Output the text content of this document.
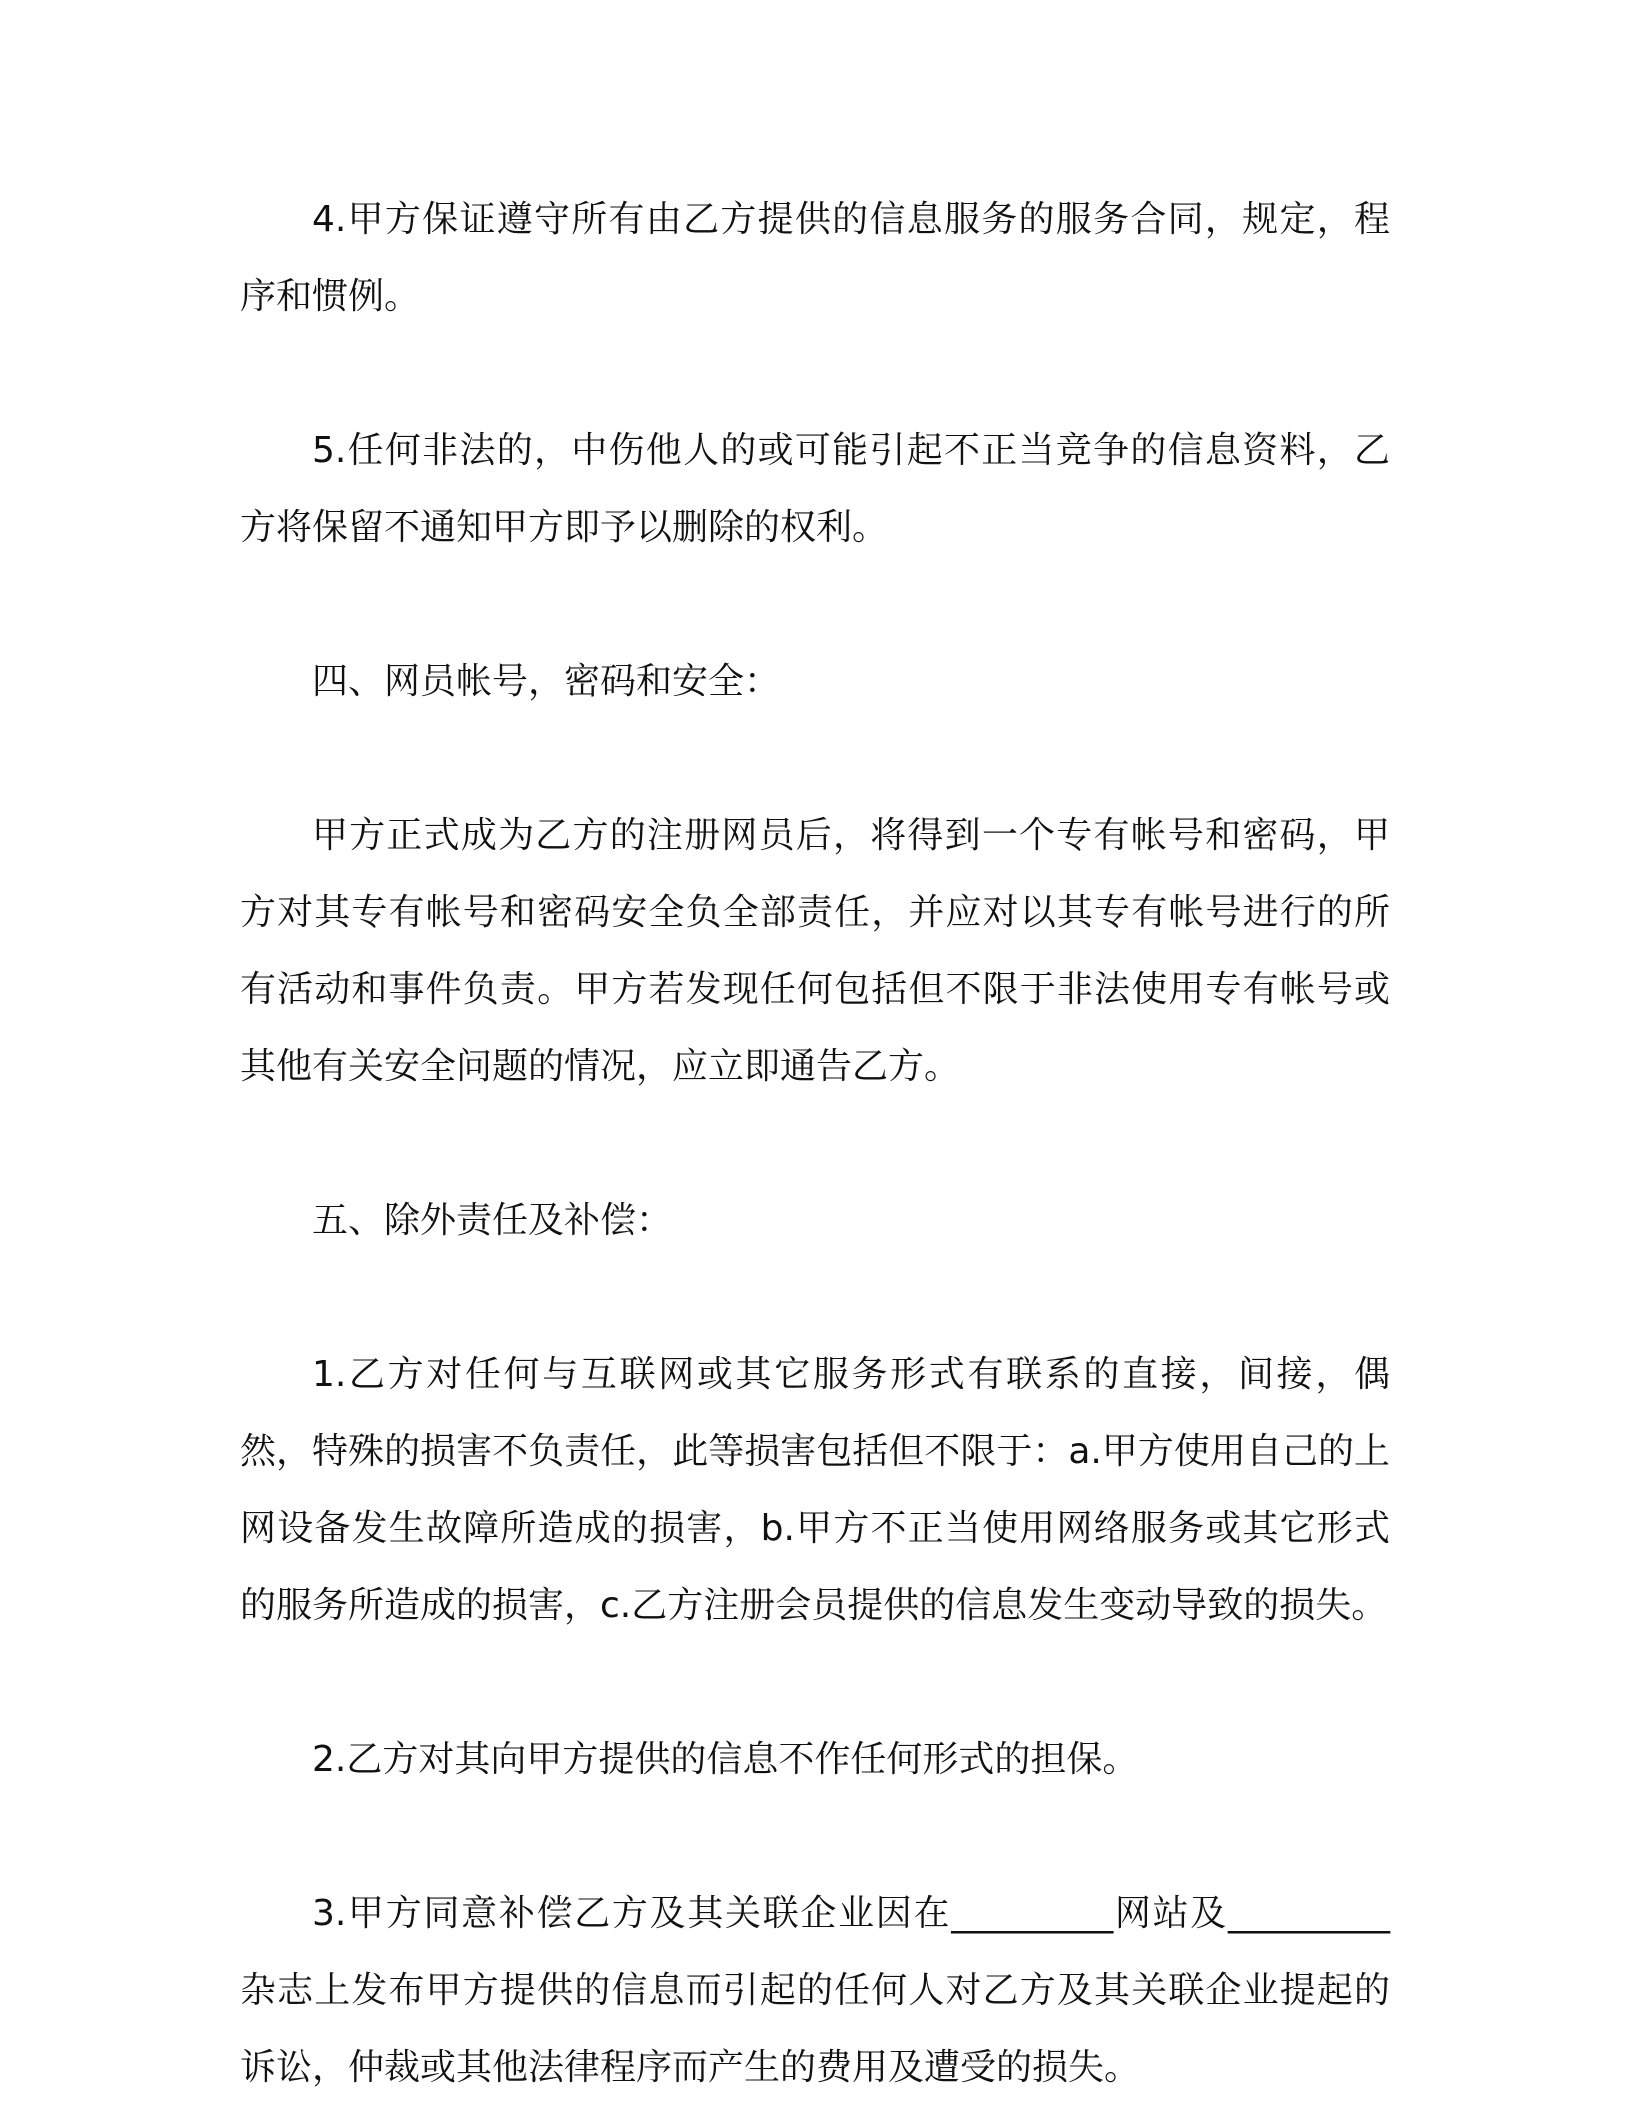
4.甲方保证遵守所有由乙方提供的信息服务的服务合同，规定，程序和惯例。

5.任何非法的，中伤他人的或可能引起不正当竞争的信息资料，乙方将保留不通知甲方即予以删除的权利。

四、网员帐号，密码和安全：

甲方正式成为乙方的注册网员后，将得到一个专有帐号和密码，甲方对其专有帐号和密码安全负全部责任，并应对以其专有帐号进行的所有活动和事件负责。甲方若发现任何包括但不限于非法使用专有帐号或其他有关安全问题的情况，应立即通告乙方。

五、除外责任及补偿：

1.乙方对任何与互联网或其它服务形式有联系的直接，间接，偶然，特殊的损害不负责任，此等损害包括但不限于：a.甲方使用自己的上网设备发生故障所造成的损害，b.甲方不正当使用网络服务或其它形式的服务所造成的损害，c.乙方注册会员提供的信息发生变动导致的损失。

2.乙方对其向甲方提供的信息不作任何形式的担保。

3.甲方同意补偿乙方及其关联企业因在_________网站及_________杂志上发布甲方提供的信息而引起的任何人对乙方及其关联企业提起的诉讼，仲裁或其他法律程序而产生的费用及遭受的损失。
